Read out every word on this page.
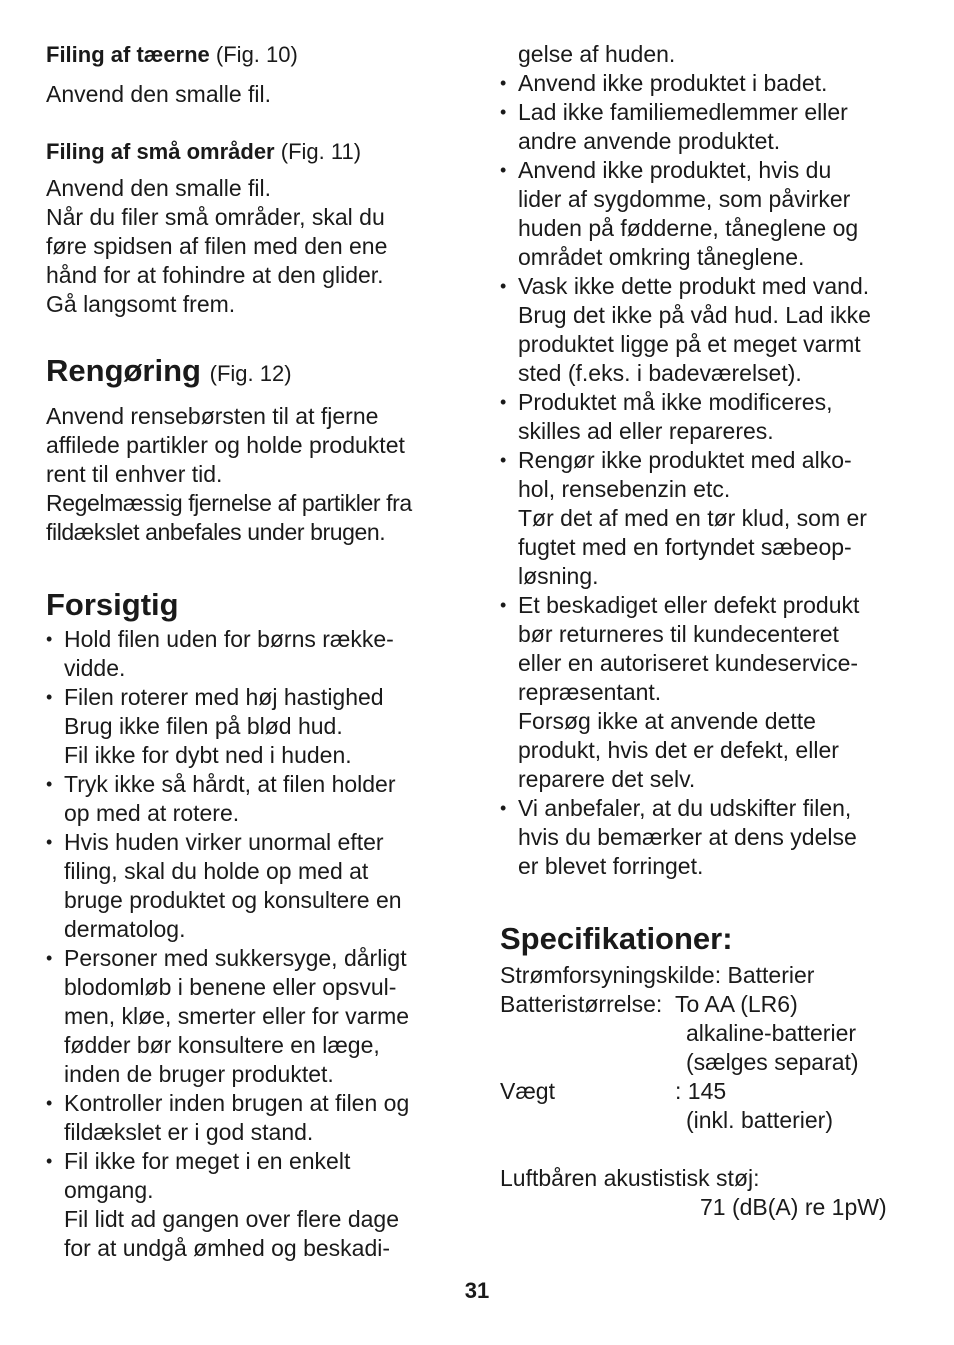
Filing af tæerne (Fig. 10)

Anvend den smalle fil.

Filing af små områder (Fig. 11)

Anvend den smalle fil.

Når du filer små områder, skal du

føre spidsen af filen med den ene

hånd for at fohindre at den glider.

Gå langsomt frem.

Rengøring (Fig. 12)

Anvend rensebørsten til at fjerne

affilede partikler og holde produktet

rent til enhver tid.

Regelmæssig fjernelse af partikler fra

fildækslet anbefales under brugen.

Forsigtig

• Hold filen uden for børns række-
vidde.
• Filen roterer med høj hastighed
Brug ikke filen på blød hud.
Fil ikke for dybt ned i huden.
• Tryk ikke så hårdt, at filen holder
op med at rotere.
• Hvis huden virker unormal efter
filing, skal du holde op med at
bruge produktet og konsultere en
dermatolog.
• Personer med sukkersyge, dårligt
blodomløb i benene eller opsvul-
men, kløe, smerter eller for varme
fødder bør konsultere en læge,
inden de bruger produktet.
• Kontroller inden brugen at filen og
fildækslet er i god stand.
• Fil ikke for meget i en enkelt
omgang.
Fil lidt ad gangen over flere dage
for at undgå ømhed og beskadi-

gelse af huden.

• Anvend ikke produktet i badet.
• Lad ikke familiemedlemmer eller
andre anvende produktet.
• Anvend ikke produktet, hvis du
lider af sygdomme, som påvirker
huden på fødderne, tåneglene og
området omkring tåneglene.
• Vask ikke dette produkt med vand.
Brug det ikke på våd hud. Lad ikke
produktet ligge på et meget varmt
sted (f.eks. i badeværelset).
• Produktet må ikke modificeres,
skilles ad eller repareres.
• Rengør ikke produktet med alko-
hol, rensebenzin etc.
Tør det af med en tør klud, som er
fugtet med en fortyndet sæbeop-
løsning.
• Et beskadiget eller defekt produkt
bør returneres til kundecenteret
eller en autoriseret kundeservice-
repræsentant.
Forsøg ikke at anvende dette
produkt, hvis det er defekt, eller
reparere det selv.
• Vi anbefaler, at du udskifter filen,
hvis du bemærker at dens ydelse
er blevet forringet.

Specifikationer:

Strømforsyningskilde: Batterier

Batteristørrelse: To AA (LR6)
alkaline-batterier
(sælges separat)
Vægt	: 145
(inkl. batterier)

Luftbåren akustistisk støj:

71 (dB(A) re 1pW)

31
